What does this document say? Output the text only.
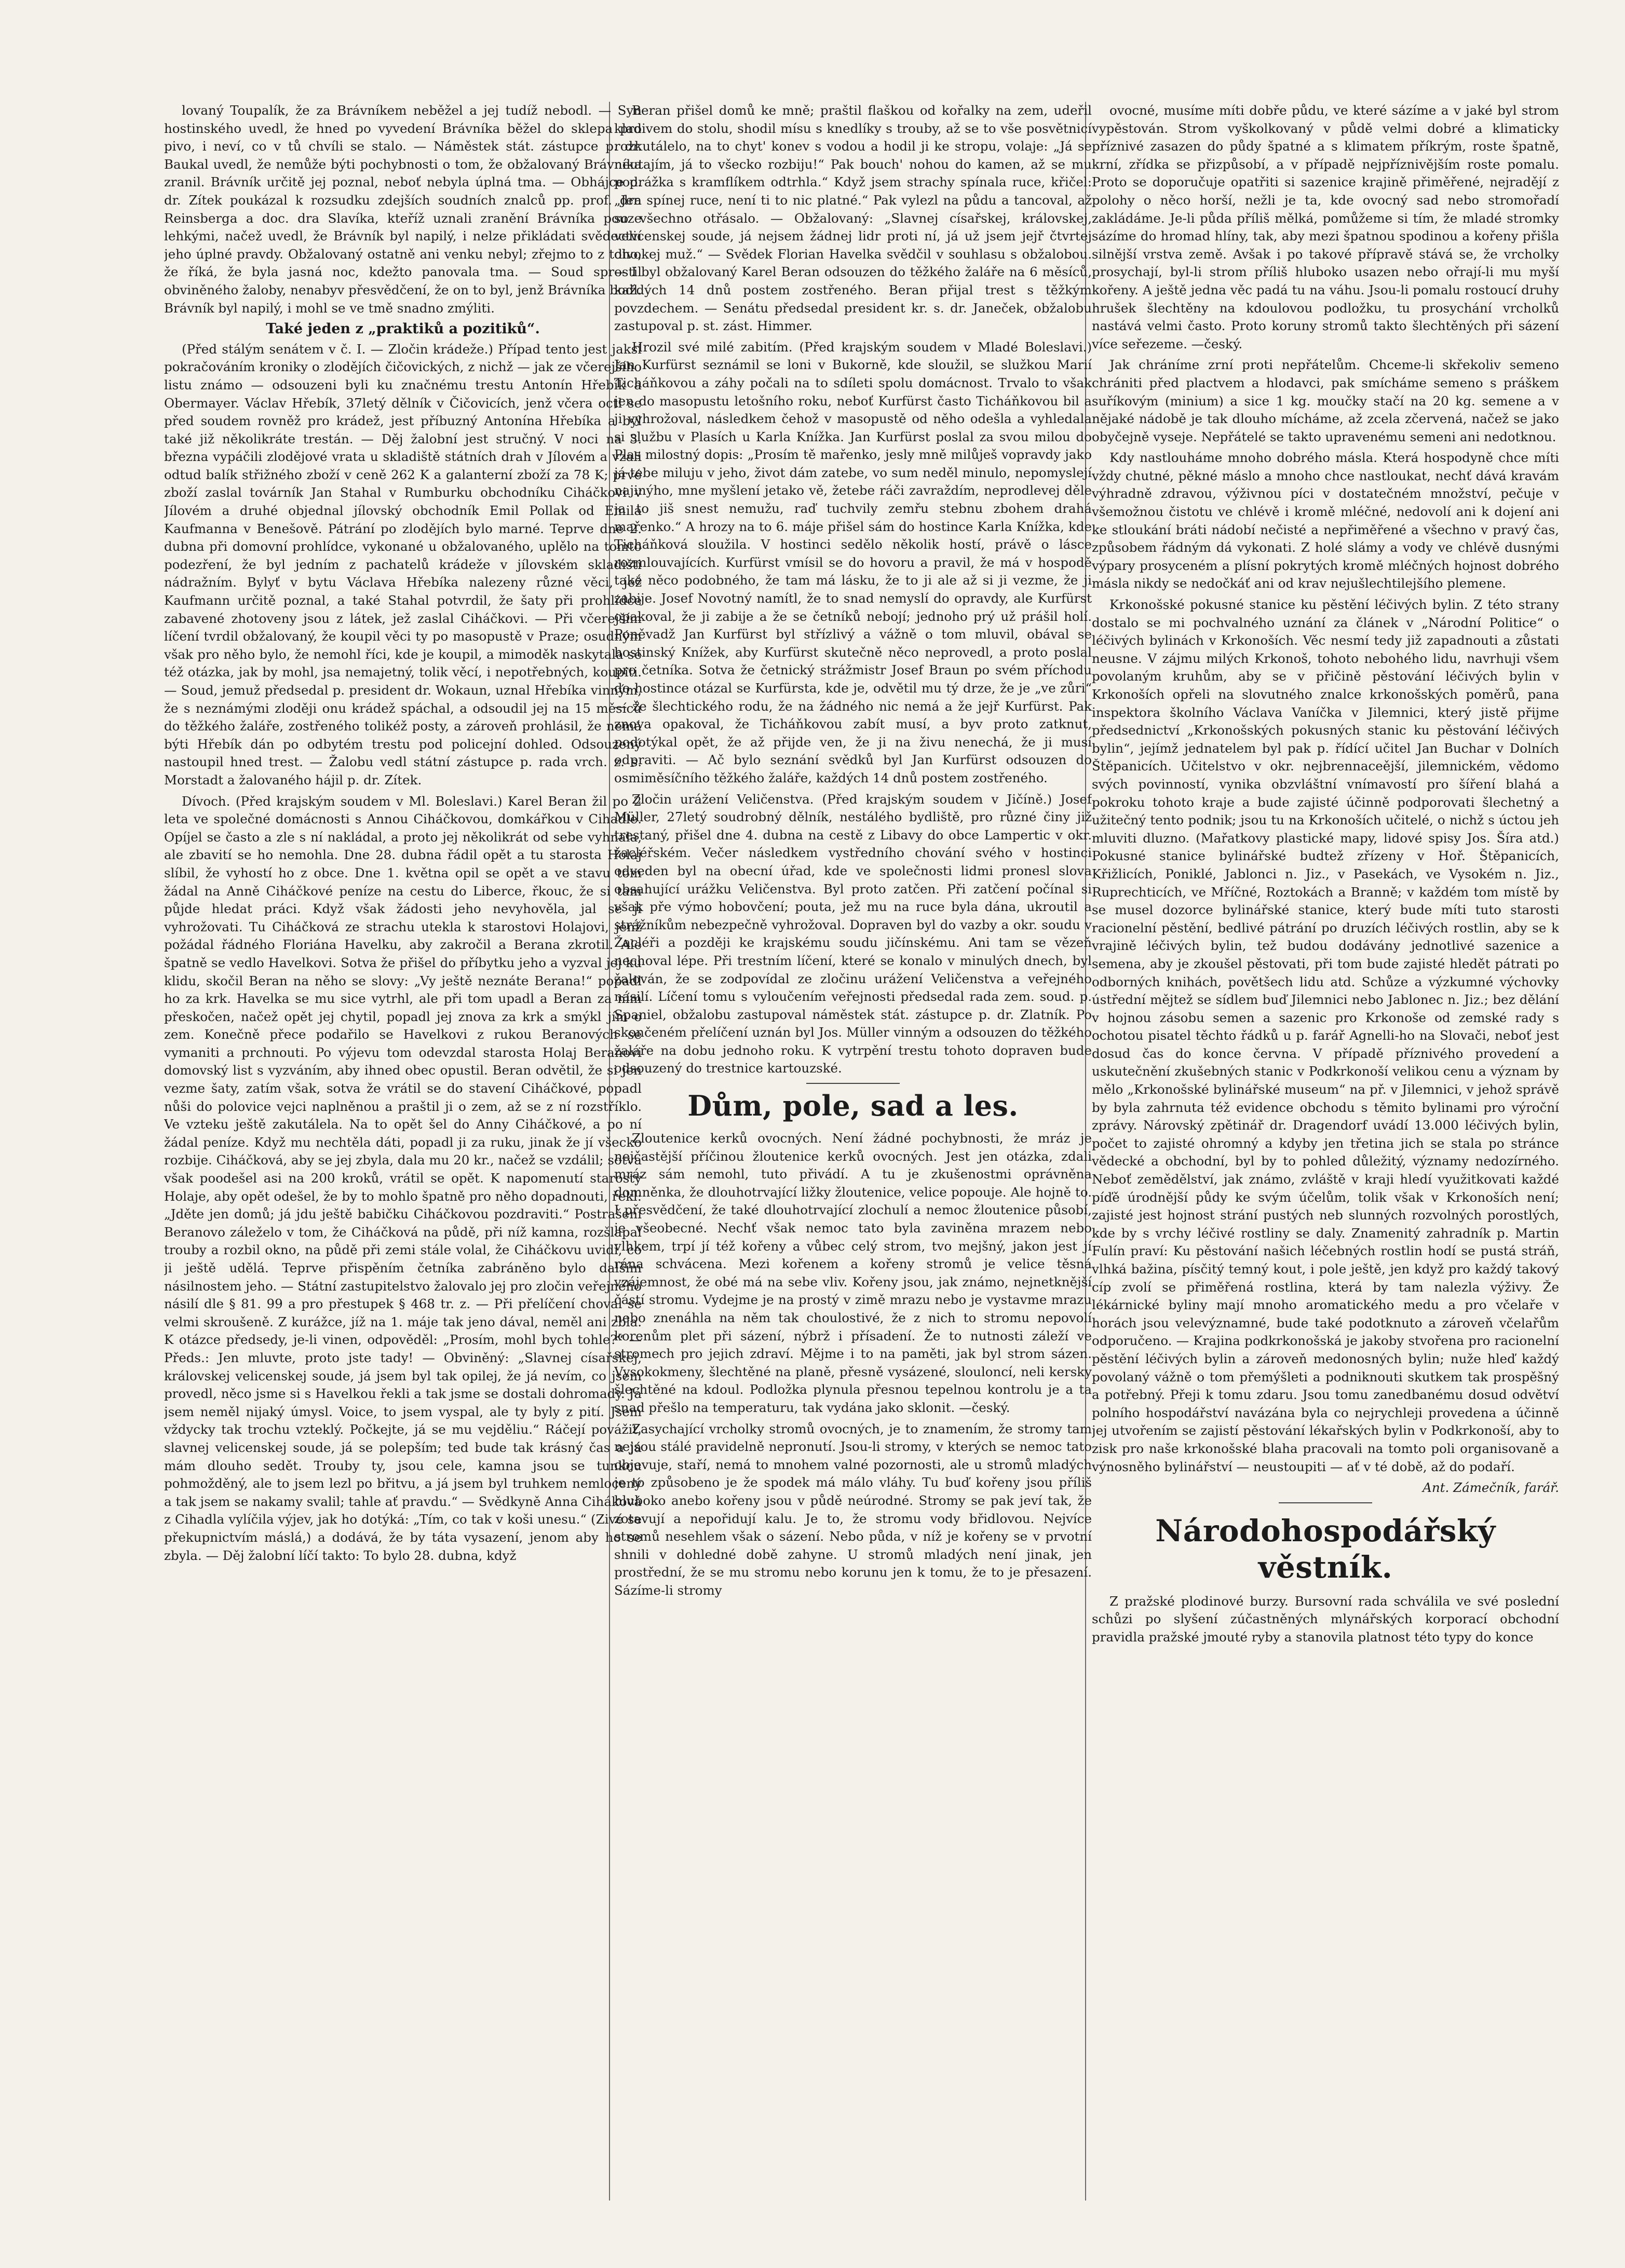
lovaný Toupalík, že za Brávníkem neběžel a jej tudíž nebodl. — Syn hostinského uvedl, že hned po vyvedení Brávníka běžel do sklepa pro pivo, i neví, co v tů chvíli se stalo. — Náměstek stát. zástupce p. dr. Baukal uvedl, že nemůže býti pochybnosti o tom, že obžalovaný Brávníka zranil. Brávník určitě jej poznal, neboť nebyla úplná tma. — Obhájce p. dr. Zítek poukázal k rozsudku zdejších soudních znalců pp. prof. dra Reinsberga a doc. dra Slavíka, kteříž uznali zranění Brávníka pouze lehkými, načež uvedl, že Brávník byl napilý, i nelze přikládati svědectví jeho úplné pravdy. Obžalovaný ostatně ani venku nebyl; zřejmo to z toho, že říká, že byla jasná noc, kdežto panovala tma. — Soud sprostil obviněného žaloby, nenabyv přesvědčení, že on to byl, jenž Brávníka bodl. Brávník byl napilý, i mohl se ve tmě snadno zmýliti.

Také jeden z „praktiků a pozitiků“.

(Před stálým senátem v č. I. — Zločin krádeže.) Případ tento jest jaksi pokračováním kroniky o zlodějích čičovických, z nichž — jak ze včerejšího listu známo — odsouzeni byli ku značnému trestu Antonín Hřebík a Obermayer. Václav Hřebík, 37letý dělník v Čičovicích, jenž včera octl se před soudem rovněž pro krádež, jest příbuzný Antonína Hřebíka a byl také již několikráte trestán. — Děj žalobní jest stručný. V noci na 3. března vypáčili zlodějové vrata u skladiště státních drah v Jílovém a vzali odtud balík střižného zboží v ceně 262 K a galanterní zboží za 78 K; prvé zboží zaslal továrník Jan Stahal v Rumburku obchodníku Ciháčkovi v Jílovém a druhé objednal jílovský obchodník Emil Pollak od Emila Kaufmanna v Benešově. Pátrání po zlodějích bylo marné. Teprve dne 2. dubna při domovní prohlídce, vykonané u obžalovaného, uplělo na tomto podezření, že byl jedním z pachatelů krádeže v jílovském skladišti nádražním. Bylyť v bytu Václava Hřebíka nalezeny různé věci, jež Kaufmann určitě poznal, a také Stahal potvrdil, že šaty při prohlídce zabavené zhotoveny jsou z látek, jež zaslal Ciháčkovi. — Při včerejším líčení tvrdil obžalovaný, že koupil věci ty po masopustě v Praze; osudným však pro něho bylo, že nemohl říci, kde je koupil, a mimoděk naskytala se též otázka, jak by mohl, jsa nemajetný, tolik věcí, i nepotřebných, koupiti. — Soud, jemuž předsedal p. president dr. Wokaun, uznal Hřebíka vinným, že s neznámými zloději onu krádež spáchal, a odsoudil jej na 15 měsíců do těžkého žaláře, zostřeného tolikéž posty, a zároveň prohlásil, že nemá býti Hřebík dán po odbytém trestu pod policejní dohled. Odsouzený nastoupil hned trest. — Žalobu vedl státní zástupce p. rada vrch. z. s. Morstadt a žalovaného hájil p. dr. Zítek.

Dívoch. (Před krajským soudem v Ml. Boleslavi.) Karel Beran žil po 2 leta ve společné domácnosti s Annou Ciháčkovou, domkářkou v Cihadle. Opíjel se často a zle s ní nakládal, a proto jej několikrát od sebe vyhnala, ale zbavití se ho nemohla. Dne 28. dubna řádil opět a tu starosta Holaj slíbil, že vyhostí ho z obce. Dne 1. května opil se opět a ve stavu tom žádal na Anně Ciháčkové peníze na cestu do Liberce, řkouc, že si tam půjde hledat práci. Když však žádosti jeho nevyhověla, jal se ji vyhrožovati. Tu Ciháčková ze strachu utekla k starostovi Holajovi, jenž požádal řádného Floriána Havelku, aby zakročil a Berana zkrotil. Ale špatně se vedlo Havelkovi. Sotva že přišel do příbytku jeho a vyzval jej ku klidu, skočil Beran na něho se slovy: „Vy ještě neznáte Berana!“ popadl ho za krk. Havelka se mu sice vytrhl, ale při tom upadl a Beran za ním přeskočen, načež opět jej chytil, popadl jej znova za krk a smýkl jím o zem. Konečně přece podařilo se Havelkovi z rukou Beranových se vymaniti a prchnouti. Po výjevu tom odevzdal starosta Holaj Beranovi domovský list s vyzváním, aby ihned obec opustil. Beran odvětil, že si jen vezme šaty, zatím však, sotva že vrátil se do stavení Ciháčkové, popadl nůši do polovice vejci naplněnou a praštil ji o zem, až se z ní rozstříklo. Ve vzteku ještě zakutálela. Na to opět šel do Anny Ciháčkové, a po ní žádal peníze. Když mu nechtěla dáti, popadl ji za ruku, jinak že jí všecko rozbije. Ciháčková, aby se jej zbyla, dala mu 20 kr., načež se vzdálil; sotva však poodešel asi na 200 kroků, vrátil se opět. K napomenutí starosty Holaje, aby opět odešel, že by to mohlo špatně pro něho dopadnouti, řekl: „Jděte jen domů; já jdu ještě babičku Ciháčkovou pozdraviti.“ Postrašení Beranovo záleželo v tom, že Ciháčková na půdě, při níž kamna, rozšlapal trouby a rozbil okno, na půdě při zemi stále volal, že Ciháčkovu uvidí, co ji ještě udělá. Teprve přispěním četníka zabráněno bylo dalším násilnostem jeho. — Státní zastupitelstvo žalovalo jej pro zločin veřejného násilí dle § 81. 99 a pro přestupek § 468 tr. z. — Při přelíčení choval se velmi skroušeně. Z kurážce, jíž na 1. máje tak jeno dával, neměl ani zbla. K otázce předsedy, je-li vinen, odpověděl: „Prosím, mohl bych tohle?“ — Předs.: Jen mluvte, proto jste tady! — Obviněný: „Slavnej císařskej, královskej velicenskej soude, já jsem byl tak opilej, že já nevím, co jsem provedl, něco jsme si s Havelkou řekli a tak jsme se dostali dohromady. Já jsem neměl nijaký úmysl. Voice, to jsem vyspal, ale ty byly z pití. Jsem vždycky tak trochu vzteklý. Počkejte, já se mu vejděliu.“ Ráčejí povážit, slavnej velicenskej soude, já se polepším; ted bude tak krásný čas a já mám dlouho sedět. Trouby ty, jsou cele, kamna jsou se tunkou pohmožděný, ale to jsem lezl po břitvu, a já jsem byl truhkem nemlocený a tak jsem se nakamy svalil; tahle ať pravdu.“ — Svědkyně Anna Ciháková z Cihadla vylíčila výjev, jak ho dotýká: „Tím, co tak v koši unesu.“ (Zivé se překupnictvím máslá,) a dodává, že by táta vysazení, jenom aby ho se zbyla. — Děj žalobní líčí takto: To bylo 28. dubna, když

Beran přišel domů ke mně; praštil flaškou od kořalky na zem, udeřil kladivem do stolu, shodil mísu s knedlíky s trouby, až se to vše posvětnicí rozkutálelo, na to chyt' konev s vodou a hodil ji ke stropu, volaje: „Já se neutajím, já to všecko rozbiju!“ Pak bouch' nohou do kamen, až se mu podrážka s kramflíkem odtrhla.“ Když jsem strachy spínala ruce, křičel: „Jen spínej ruce, není ti to nic platné.“ Pak vylezl na půdu a tancoval, až so všechno otřásalo. — Obžalovaný: „Slavnej císařskej, královskej, velicenskej soude, já nejsem žádnej lidr proti ní, já už jsem jejř čtvrtej divokej muž.“ — Svědek Florian Havelka svědčil v souhlasu s obžalobou. — I byl obžalovaný Karel Beran odsouzen do těžkého žaláře na 6 měsíců, každých 14 dnů postem zostřeného. Beran přijal trest s těžkým povzdechem. — Senátu předsedal president kr. s. dr. Janeček, obžalobu zastupoval p. st. zást. Himmer.

Hrozil své milé zabitím. (Před krajským soudem v Mladé Boleslavi.) Jan Kurfürst seznámil se loni v Bukorně, kde sloužil, se služkou Marií Ticháňkovou a záhy počali na to sdíleti spolu domácnost. Trvalo to však jen do masopustu letošního roku, neboť Kurfürst často Ticháňkovou bil a ji vyhrožoval, následkem čehož v masopustě od něho odešla a vyhledala si službu v Plasích u Karla Knížka. Jan Kurfürst poslal za svou milou do Plas milostný dopis: „Prosím tě mařenko, jesly mně milůješ vopravdy jako já tebe miluju v jeho, život dám zatebe, vo sum neděl minulo, nepomyslejí najinýho, mne myšlení jetako vě, žetebe ráči zavraždím, neprodlevej děle ja to jiš snest nemužu, raď tuchvily zemřu stebnu zbohem drahá mařenko.“ A hrozy na to 6. máje přišel sám do hostince Karla Knížka, kde Ticháňková sloužila. V hostinci sedělo několik hostí, právě o lásce rozmlouvajících. Kurfürst vmísil se do hovoru a pravil, že má v hospodě také něco podobného, že tam má lásku, že to ji ale až si ji vezme, že ji zabije. Josef Novotný namítl, že to snad nemyslí do opravdy, ale Kurfürst opakoval, že ji zabije a že se četníků nebojí; jednoho prý už prášil holí. Poněvadž Jan Kurfürst byl střízlivý a vážně o tom mluvil, obával se hostinský Knížek, aby Kurfürst skutečně něco neprovedl, a proto poslal pro četníka. Sotva že četnický strážmistr Josef Braun po svém příchodu do hostince otázal se Kurfürsta, kde je, odvětil mu tý drze, že je „ve zůri“ — že šlechtického rodu, že na žádného nic nemá a že jejř Kurfürst. Pak znova opakoval, že Ticháňkovou zabít musí, a byv proto zatknut, podotýkal opět, že až přijde ven, že ji na živu nenechá, že ji musí odpraviti. — Ač bylo seznání svědků byl Jan Kurfürst odsouzen do osmiměsíčního těžkého žaláře, každých 14 dnů postem zostřeného.

Zločin urážení Veličenstva. (Před krajským soudem v Jičíně.) Josef Müller, 27letý soudrobný dělník, nestálého bydliště, pro různé činy již trestaný, přišel dne 4. dubna na cestě z Libavy do obce Lampertic v okr. žacléřském. Večer následkem vystředního chování svého v hostinci odveden byl na obecní úřad, kde ve společnosti lidmi pronesl slova obsahující urážku Veličenstva. Byl proto zatčen. Při zatčení počínal si však pře výmo hobovčení; pouta, jež mu na ruce byla dána, ukroutil a strážníkům nebezpečně vyhrožoval. Dopraven byl do vazby a okr. soudu v Žacléři a později ke krajskému soudu jičínskému. Ani tam se vězeň nechoval lépe. Při trestním líčení, které se konalo v minulých dnech, byl žalován, že se zodpovídal ze zločinu urážení Veličenstva a veřejného násilí. Líčení tomu s vyloučením veřejnosti předsedal rada zem. soud. p. Spaniel, obžalobu zastupoval náměstek stát. zástupce p. dr. Zlatník. Po skončeném přelíčení uznán byl Jos. Müller vinným a odsouzen do těžkého žaláře na dobu jednoho roku. K vytrpění trestu tohoto dopraven bude odsouzený do trestnice kartouzské.

Dům, pole, sad a les.

Zloutenice kerků ovocných. Není žádné pochybnosti, že mráz je nejčastější příčinou žloutenice kerků ovocných. Jest jen otázka, zdali mráz sám nemohl, tuto přivádí. A tu je zkušenostmi oprávněna domněnka, že dlouhotrvající ližky žloutenice, velice popouje. Ale hojně to. I přesvědčení, že také dlouhotrvající zlochulí a nemoc žloutenice působí, je všeobecné. Nechť však nemoc tato byla zaviněna mrazem nebo vlhkem, trpí jí též kořeny a vůbec celý strom, tvo mejšný, jakon jest jí rána schvácena. Mezi kořenem a kořeny stromů je velice těsná vzájemnost, že obé má na sebe vliv. Kořeny jsou, jak známo, nejnetknější částí stromu. Vydejme je na prostý v zimě mrazu nebo je vystavme mrazu nebo znenáhla na něm tak choulostivé, že z nich to stromu nepovolí korenům plet při sázení, nýbrž i přísadení. Že to nutnosti záleží ve stromech pro jejich zdraví. Mějme i to na paměti, jak byl strom sázen. Vysokokmeny, šlechtěné na planě, přesně vysázené, slouloncí, neli kersky šlechtěné na kdoul. Podložka plynula přesnou tepelnou kontrolu je a ta snad přešlo na temperaturu, tak vydána jako sklonit. —český.

Zasychající vrcholky stromů ovocných, je to znamením, že stromy tam nejsou stálé pravidelně nepronutí. Jsou-li stromy, v kterých se nemoc tato objevuje, staří, nemá to mnohem valné pozornosti, ale u stromů mladých je to způsobeno je že spodek má málo vláhy. Tu buď kořeny jsou příliš hluboko anebo kořeny jsou v půdě neúrodné. Stromy se pak jeví tak, že zotavují a nepořidují kalu. Je to, že stromu vody břidlovou. Nejvíce stromů nesehlem však o sázení. Nebo půda, v níž je kořeny se v prvotní shnili v dohledné době zahyne. U stromů mladých není jinak, jen prostřední, že se mu stromu nebo korunu jen k tomu, že to je přesazení. Sázíme-li stromy

ovocné, musíme míti dobře půdu, ve které sázíme a v jaké byl strom vypěstován. Strom vyškolkovaný v půdě velmi dobré a klimaticky příznivé zasazen do půdy špatné a s klimatem příkrým, roste špatně, krní, zřídka se přizpůsobí, a v případě nejpříznivějším roste pomalu. Proto se doporučuje opatřiti si sazenice krajině přiměřené, nejradějí z polohy o něco horší, nežli je ta, kde ovocný sad nebo stromořadí zakládáme. Je-li půda příliš mělká, pomůžeme si tím, že mladé stromky sázíme do hromad hlíny, tak, aby mezi špatnou spodinou a kořeny přišla silnější vrstva země. Avšak i po takové přípravě stává se, že vrcholky prosychají, byl-li strom příliš hluboko usazen nebo ořrají-li mu myší kořeny. A ještě jedna věc padá tu na váhu. Jsou-li pomalu rostoucí druhy hrušek šlechtěny na kdoulovou podložku, tu prosychání vrcholků nastává velmi často. Proto koruny stromů takto šlechtěných při sázení více seřezeme. —český.

Jak chráníme zrní proti nepřátelům. Chceme-li skřekoliv semeno chrániti před plactvem a hlodavci, pak smícháme semeno s práškem suříkovým (minium) a sice 1 kg. moučky stačí na 20 kg. semene a v nějaké nádobě je tak dlouho mícháme, až zcela zčervená, načež se jako obyčejně vyseje. Nepřátelé se takto upravenému semeni ani nedotknou.

Kdy nastlouháme mnoho dobrého másla. Která hospodyně chce míti vždy chutné, pěkné máslo a mnoho chce nastloukat, nechť dává kravám výhradně zdravou, výživnou píci v dostatečném množství, pečuje v všemožnou čistotu ve chlévě i kromě mléčné, nedovolí ani k dojení ani ke stloukání bráti nádobí nečisté a nepřiměřené a všechno v pravý čas, způsobem řádným dá vykonati. Z holé slámy a vody ve chlévě dusnými výpary prosyceném a plísní pokrytých kromě mléčných hojnost dobrého másla nikdy se nedočkáť ani od krav nejušlechtilejšího plemene.

Krkonošské pokusné stanice ku pěstění léčivých bylin. Z této strany dostalo se mi pochvalného uznání za článek v „Národní Politice“ o léčivých bylinách v Krkonoších. Věc nesmí tedy již zapadnouti a zůstati neusne. V zájmu milých Krkonoš, tohoto nebohého lidu, navrhuji všem povolaným kruhům, aby se v přičině pěstování léčivých bylin v Krkonoších opřeli na slovutného znalce krkonošských poměrů, pana inspektora školního Václava Vaníčka v Jilemnici, který jistě přijme předsednictví „Krkonošských pokusných stanic ku pěstování léčivých bylin“, jejímž jednatelem byl pak p. řídící učitel Jan Buchar v Dolních Štěpanicích. Učitelstvo v okr. nejbrennaceější, jilemnickém, vědomo svých povinností, vynika obzvláštní vnímavostí pro šíření blahá a pokroku tohoto kraje a bude zajisté účinně podporovati šlechetný a užitečný tento podnik; jsou tu na Krkonoších učitelé, o nichž s úctou jeh mluviti dluzno. (Mařatkovy plastické mapy, lidové spisy Jos. Šíra atd.) Pokusné stanice bylinářské budtež zřízeny v Hoř. Štěpanicích, Křižlicích, Poniklé, Jablonci n. Jiz., v Pasekách, ve Vysokém n. Jiz., Ruprechticích, ve Mříčné, Roztokách a Branně; v každém tom místě by se musel dozorce bylinářské stanice, který bude míti tuto starosti racionelní pěstění, bedlivé pátrání po druzích léčivých rostlin, aby se k vrajině léčivých bylin, tež budou dodávány jednotlivé sazenice a semena, aby je zkoušel pěstovati, při tom bude zajisté hledět pátrati po odborných knihách, povětšech lidu atd. Schůze a výzkumné výchovky ústřední mějtež se sídlem buď Jilemnici nebo Jablonec n. Jiz.; bez dělání v hojnou zásobu semen a sazenic pro Krkonoše od zemské rady s ochotou pisatel těchto řádků u p. farář Agnelli-ho na Slovači, neboť jest dosud čas do konce června. V případě příznivého provedení a uskutečnění zkušebných stanic v Podkrkonoší velikou cenu a význam by mělo „Krkonošské bylinářské museum“ na př. v Jilemnici, v jehož správě by byla zahrnuta též evidence obchodu s těmito bylinami pro výroční zprávy. Nárovský zpětinář dr. Dragendorf uvádí 13.000 léčivých bylin, počet to zajisté ohromný a kdyby jen třetina jich se stala po stránce vědecké a obchodní, byl by to pohled důležitý, významy nedozírného. Neboť zemědělství, jak známo, zvláště v kraji hledí využitkovati každé píďě úrodnější půdy ke svým účelům, tolik však v Krkonoších není; zajisté jest hojnost strání pustých neb slunných rozvolných porostlých, kde by s vrchy léčivé rostliny se daly. Znamenitý zahradník p. Martin Fulín praví: Ku pěstování našich léčebných rostlin hodí se pustá stráň, vlhká bažina, písčitý temný kout, i pole ještě, jen když pro každý takový cíp zvolí se přiměřená rostlina, která by tam nalezla výživy. Že lékárnické byliny mají mnoho aromatického medu a pro včelaře v horách jsou velevýznamné, bude také podotknuto a zároveň včelařům odporučeno. — Krajina podkrkonošská je jakoby stvořena pro racionelní pěstění léčivých bylin a zároveň medonosných bylin; nuže hleď každý povolaný vážně o tom přemýšleti a podniknouti skutkem tak prospěšný a potřebný. Přeji k tomu zdaru. Jsou tomu zanedbanému dosud odvětví polního hospodářství navázána byla co nejrychleji provedena a účinně jej utvořením se zajistí pěstování lékařských bylin v Podkrkonoší, aby to zisk pro naše krkonošské blaha pracovali na tomto poli organisovaně a výnosněho bylinářství — neustoupiti — ať v té době, až do podaří.

Ant. Zámečník, farář.
Národohospodářský věstník.

Z pražské plodinové burzy. Bursovní rada schválila ve své poslední schůzi po slyšení zúčastněných mlynářských korporací obchodní pravidla pražské jmouté ryby a stanovila platnost této typy do konce
